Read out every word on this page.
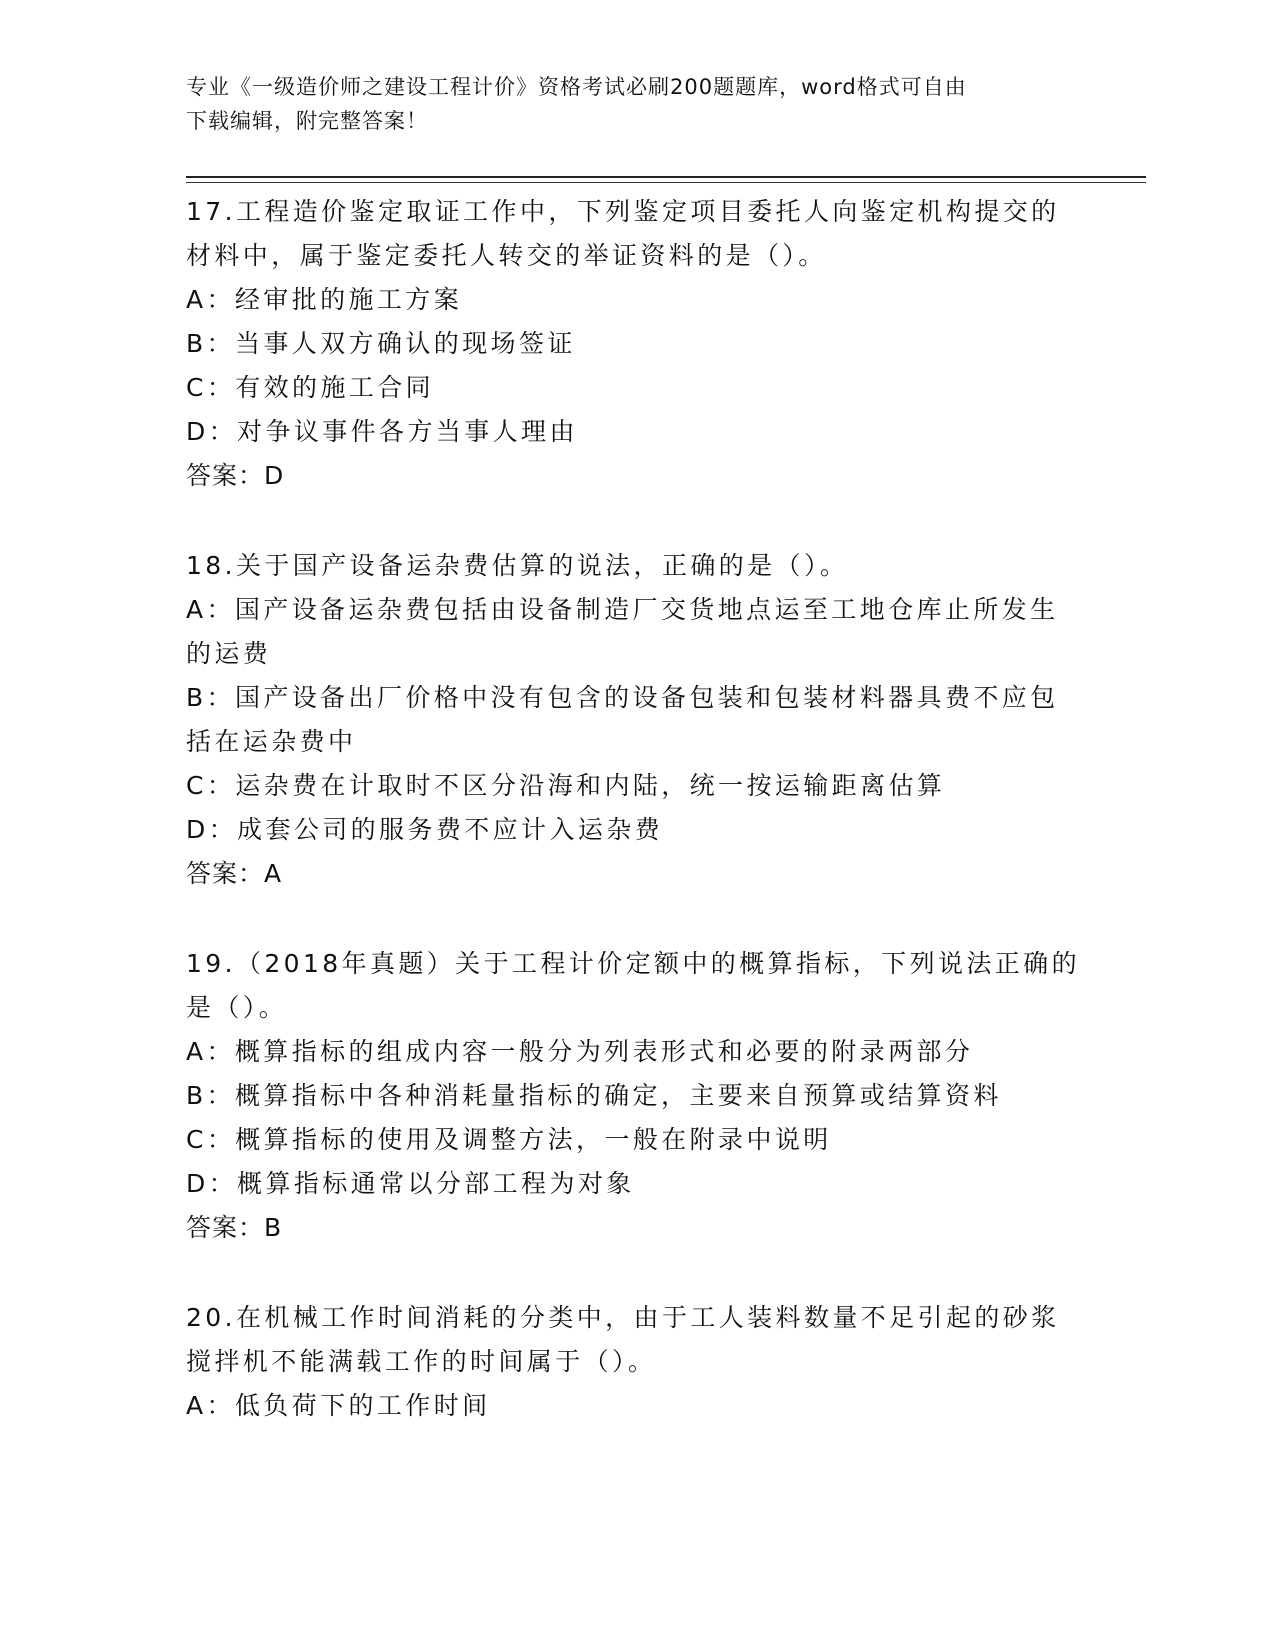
专业《一级造价师之建设工程计价》资格考试必刷200题题库，word格式可自由
下载编辑，附完整答案！
17.工程造价鉴定取证工作中，下列鉴定项目委托人向鉴定机构提交的
材料中，属于鉴定委托人转交的举证资料的是（）。
A：经审批的施工方案
B：当事人双方确认的现场签证
C：有效的施工合同
D：对争议事件各方当事人理由
答案：D
18.关于国产设备运杂费估算的说法，正确的是（）。
A：国产设备运杂费包括由设备制造厂交货地点运至工地仓库止所发生
的运费
B：国产设备出厂价格中没有包含的设备包装和包装材料器具费不应包
括在运杂费中
C：运杂费在计取时不区分沿海和内陆，统一按运输距离估算
D：成套公司的服务费不应计入运杂费
答案：A
19.（2018年真题）关于工程计价定额中的概算指标，下列说法正确的
是（）。
A：概算指标的组成内容一般分为列表形式和必要的附录两部分
B：概算指标中各种消耗量指标的确定，主要来自预算或结算资料
C：概算指标的使用及调整方法，一般在附录中说明
D：概算指标通常以分部工程为对象
答案：B
20.在机械工作时间消耗的分类中，由于工人装料数量不足引起的砂浆
搅拌机不能满载工作的时间属于（）。
A：低负荷下的工作时间
